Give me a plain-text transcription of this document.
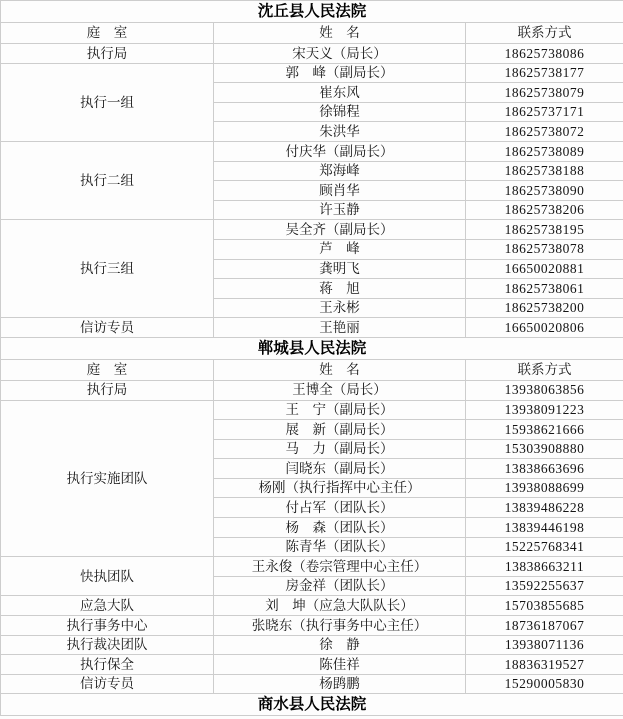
沈丘县人民法院		
庭　室	姓　名	联系方式
执行局	宋天义（局长）	18625738086
执行一组	郭　峰（副局长）	18625738177
	崔东风	18625738079
	徐锦程	18625737171
	朱洪华	18625738072
执行二组	付庆华（副局长）	18625738089
	郑海峰	18625738188
	顾肖华	18625738090
	许玉静	18625738206
执行三组	吴全齐（副局长）	18625738195
	芦　峰	18625738078
	龚明飞	16650020881
	蒋　旭	18625738061
	王永彬	18625738200
信访专员	王艳丽	16650020806
郸城县人民法院		
庭　室	姓　名	联系方式
执行局	王博全（局长）	13938063856
执行实施团队	王　宁（副局长）	13938091223
	展　新（副局长）	15938621666
	马　力（副局长）	15303908880
	闫晓东（副局长）	13838663696
	杨刚（执行指挥中心主任）	13938088699
	付占军（团队长）	13839486228
	杨　森（团队长）	13839446198
	陈青华（团队长）	15225768341
快执团队	王永俊（卷宗管理中心主任）	13838663211
	房金祥（团队长）	13592255637
应急大队	刘　坤（应急大队队长）	15703855685
执行事务中心	张晓东（执行事务中心主任）	18736187067
执行裁决团队	徐　静	13938071136
执行保全	陈佳祥	18836319527
信访专员	杨鹍鹏	15290005830
商水县人民法院		
